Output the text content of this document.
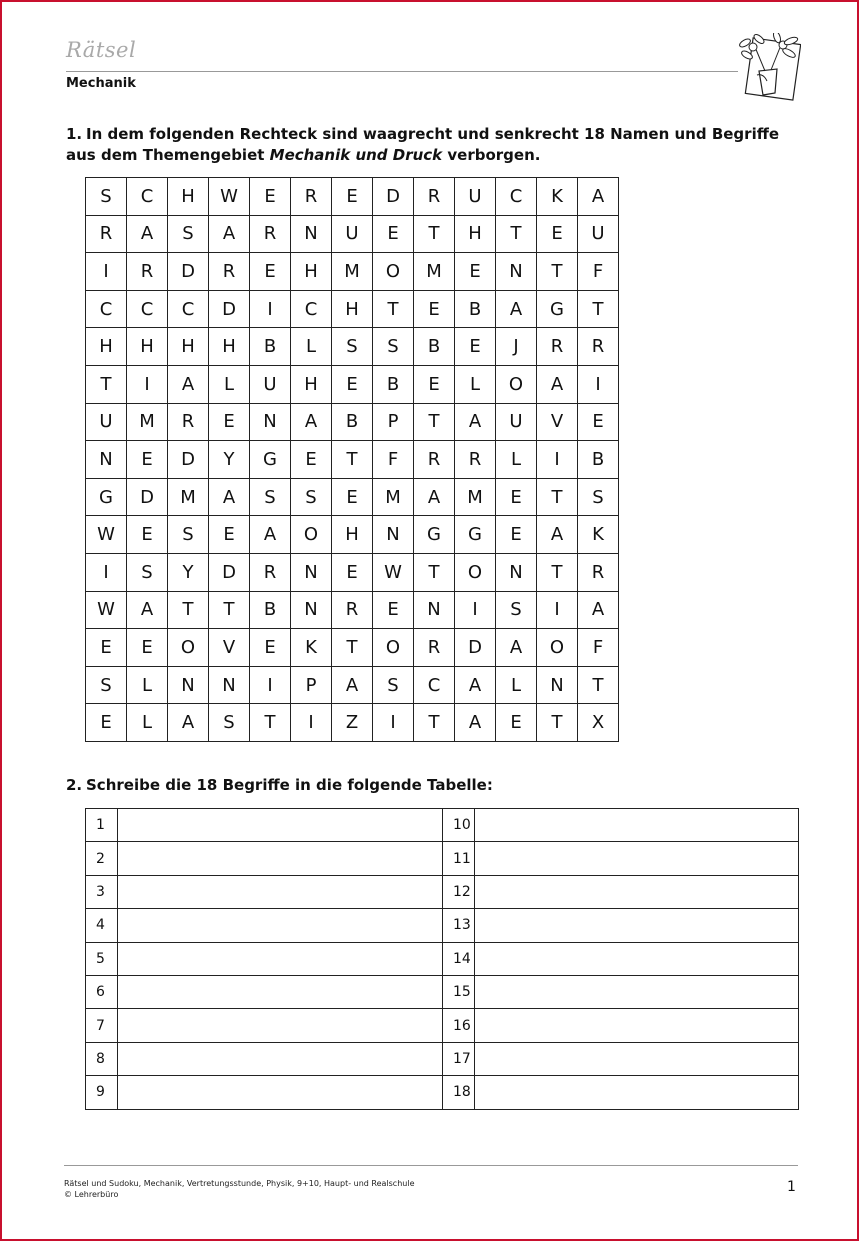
Rätsel
Mechanik
1. In dem folgenden Rechteck sind waagrecht und senkrecht 18 Namen und Begriffe aus dem Themengebiet Mechanik und Druck verborgen.
S	C	H	W	E	R	E	D	R	U	C	K	A
R	A	S	A	R	N	U	E	T	H	T	E	U
I	R	D	R	E	H	M	O	M	E	N	T	F
C	C	C	D	I	C	H	T	E	B	A	G	T
H	H	H	H	B	L	S	S	B	E	J	R	R
T	I	A	L	U	H	E	B	E	L	O	A	I
U	M	R	E	N	A	B	P	T	A	U	V	E
N	E	D	Y	G	E	T	F	R	R	L	I	B
G	D	M	A	S	S	E	M	A	M	E	T	S
W	E	S	E	A	O	H	N	G	G	E	A	K
I	S	Y	D	R	N	E	W	T	O	N	T	R
W	A	T	T	B	N	R	E	N	I	S	I	A
E	E	O	V	E	K	T	O	R	D	A	O	F
S	L	N	N	I	P	A	S	C	A	L	N	T
E	L	A	S	T	I	Z	I	T	A	E	T	X
2. Schreibe die 18 Begriffe in die folgende Tabelle:
1		10	
2		11	
3		12	
4		13	
5		14	
6		15	
7		16	
8		17	
9		18	
Rätsel und Sudoku, Mechanik, Vertretungsstunde, Physik, 9+10, Haupt- und Realschule
© Lehrerbüro	1
